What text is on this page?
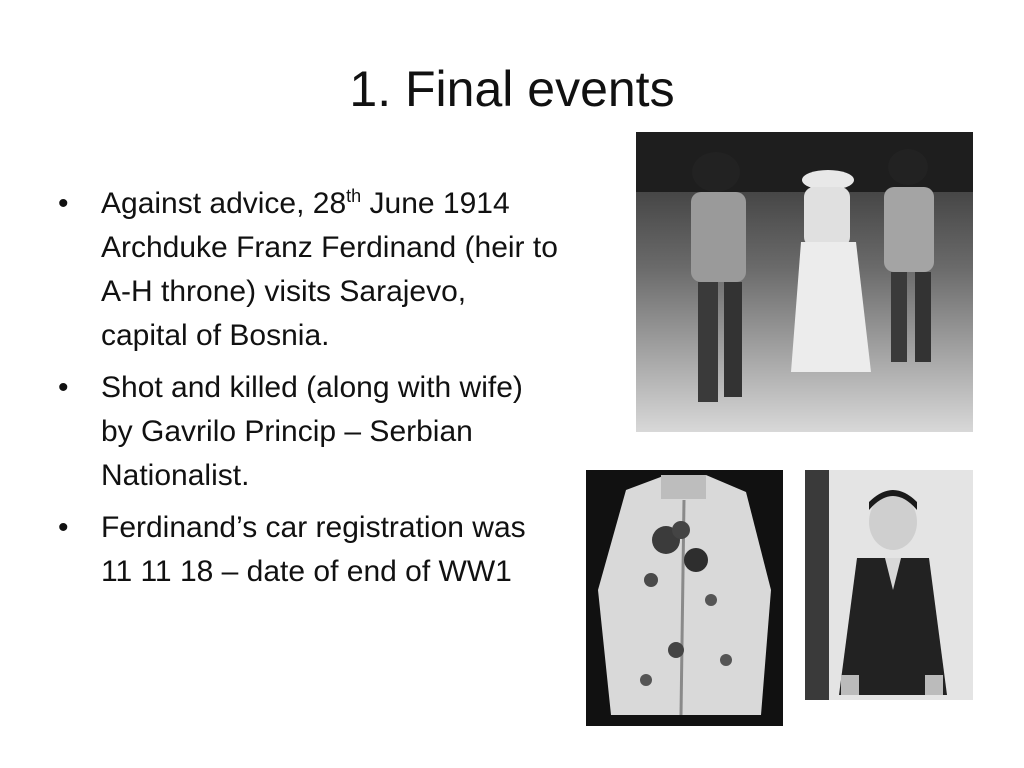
1. Final events
• Against advice, 28th June 1914 Archduke Franz Ferdinand (heir to A-H throne) visits Sarajevo, capital of Bosnia.
• Shot and killed (along with wife) by Gavrilo Princip – Serbian Nationalist.
• Ferdinand’s car registration was 11 11 18 – date of end of WW1
